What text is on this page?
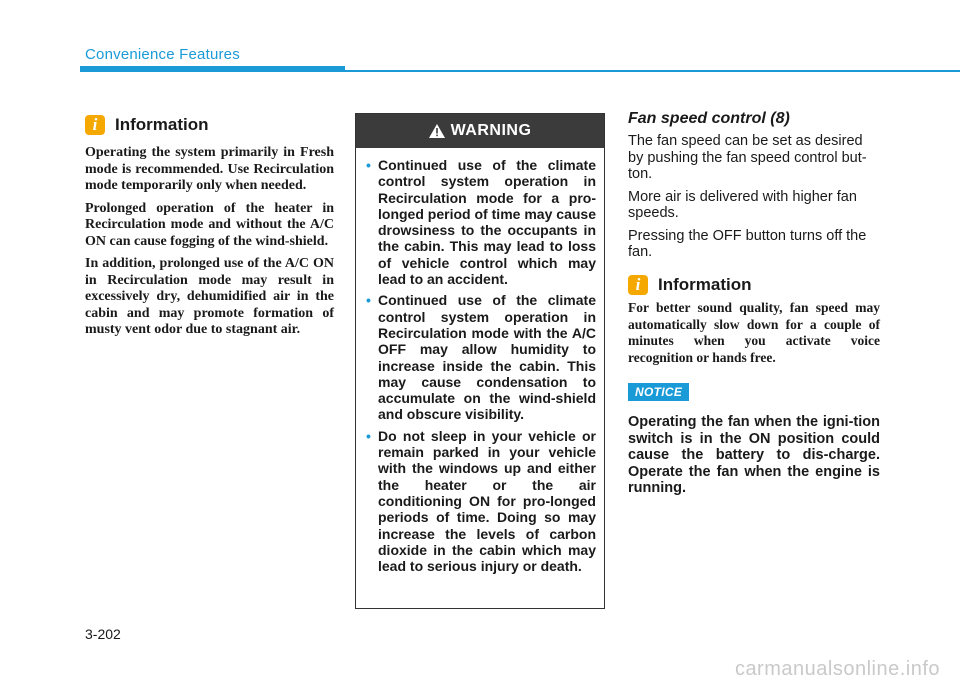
Convenience Features
i	Information

Operating the system primarily in Fresh mode is recommended. Use Recirculation mode temporarily only when needed.

Prolonged operation of the heater in Recirculation mode and without the A/C ON can cause fogging of the wind-shield.

In addition, prolonged use of the A/C ON in Recirculation mode may result in excessively dry, dehumidified air in the cabin and may promote formation of musty vent odor due to stagnant air.

WARNING
• Continued use of the climate control system operation in Recirculation mode for a pro-longed period of time may cause drowsiness to the occupants in the cabin. This may lead to loss of vehicle control which may lead to an accident.
• Continued use of the climate control system operation in Recirculation mode with the A/C OFF may allow humidity to increase inside the cabin. This may cause condensation to accumulate on the wind-shield and obscure visibility.
• Do not sleep in your vehicle or remain parked in your vehicle with the windows up and either the heater or the air conditioning ON for pro-longed periods of time. Doing so may increase the levels of carbon dioxide in the cabin which may lead to serious injury or death.
Fan speed control (8)

The fan speed can be set as desired by pushing the fan speed control but-ton.

More air is delivered with higher fan speeds.

Pressing the OFF button turns off the fan.

i	Information

For better sound quality, fan speed may automatically slow down for a couple of minutes when you activate voice recognition or hands free.

NOTICE
Operating the fan when the igni-tion switch is in the ON position could cause the battery to dis-charge. Operate the fan when the engine is running.
3-202
carmanualsonline.info
